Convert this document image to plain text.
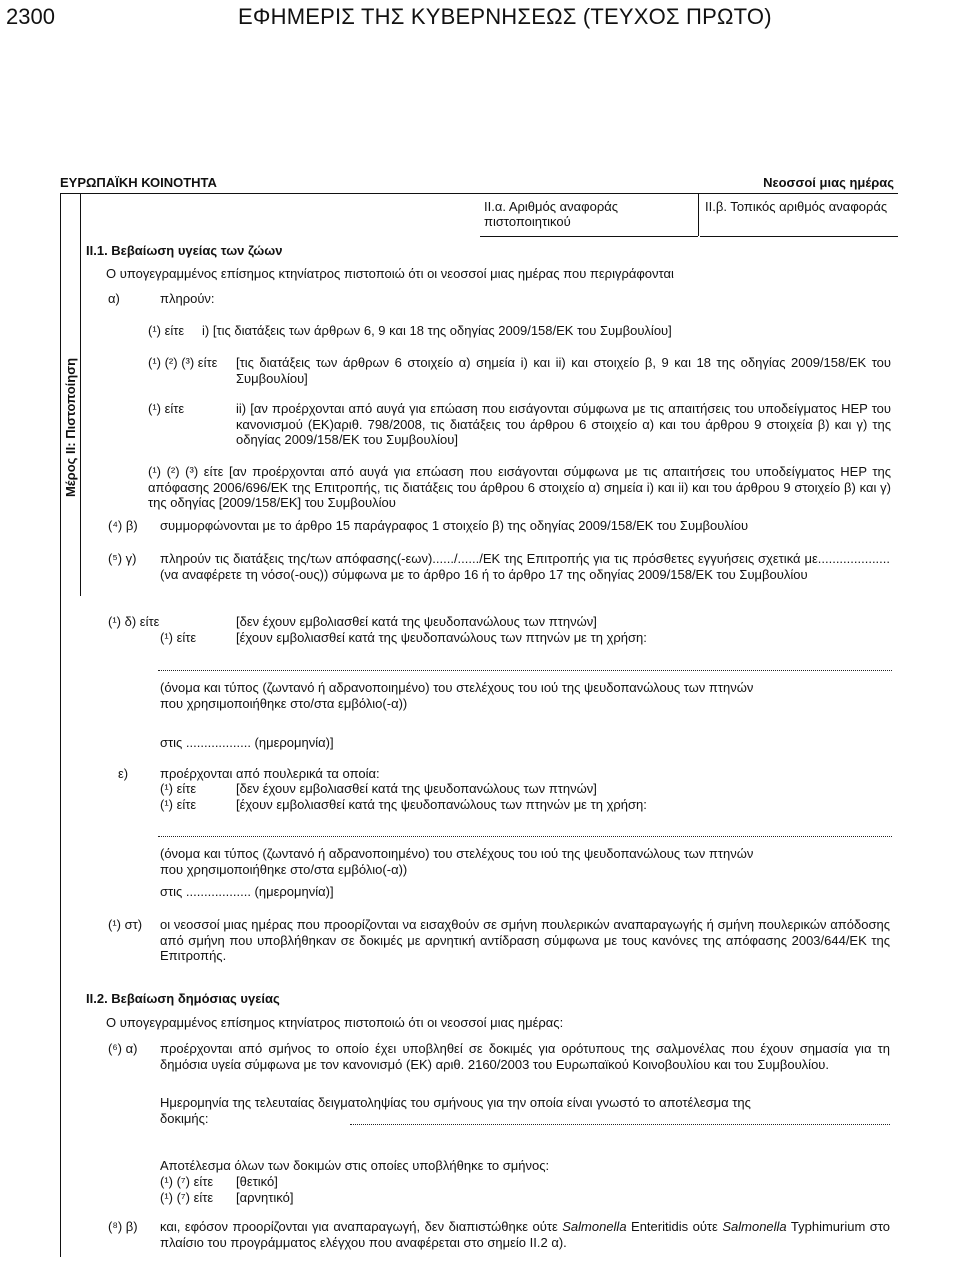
2300	ΕΦΗΜΕΡΙΣ ΤΗΣ ΚΥΒΕΡΝΗΣΕΩΣ (ΤΕΥΧΟΣ ΠΡΩΤΟ)
ΕΥΡΩΠΑΪΚΗ ΚΟΙΝΟΤΗΤΑ	Νεοσσοί μιας ημέρας
ΙΙ.α. Αριθμός αναφοράς πιστοποιητικού
ΙΙ.β. Τοπικός αριθμός αναφοράς
Μέρος ΙΙ: Πιστοποίηση
ΙΙ.1. Βεβαίωση υγείας των ζώων
Ο υπογεγραμμένος επίσημος κτηνίατρος πιστοποιώ ότι οι νεοσσοί μιας ημέρας που περιγράφονται
α)	πληρούν:
(¹) είτε i) [τις διατάξεις των άρθρων 6, 9 και 18 της οδηγίας 2009/158/ΕΚ του Συμβουλίου]
(¹) (²) (³) είτε [τις διατάξεις των άρθρων 6 στοιχείο α) σημεία i) και ii) και στοιχείο β, 9 και 18 της οδηγίας 2009/158/ΕΚ του Συμβουλίου]
(¹) είτε	ii) [αν προέρχονται από αυγά για επώαση που εισάγονται σύμφωνα με τις απαιτήσεις του υποδείγματος HEP του κανονισμού (ΕΚ)αριθ. 798/2008, τις διατάξεις του άρθρου 6 στοιχείο α) και του άρθρου 9 στοιχεία β) και γ) της οδηγίας 2009/158/ΕΚ του Συμβουλίου]
(¹) (²) (³) είτε [αν προέρχονται από αυγά για επώαση που εισάγονται σύμφωνα με τις απαιτήσεις του υποδείγματος HEP της απόφασης 2006/696/ΕΚ της Επιτροπής, τις διατάξεις του άρθρου 6 στοιχείο α) σημεία i) και ii) και του άρθρου 9 στοιχείο β) και γ) της οδηγίας [2009/158/ΕΚ] του Συμβουλίου
(⁴) β) συμμορφώνονται με το άρθρο 15 παράγραφος 1 στοιχείο β) της οδηγίας 2009/158/ΕΚ του Συμβουλίου
(⁵) γ) πληρούν τις διατάξεις της/των απόφασης(-εων)....../....../ΕΚ της Επιτροπής για τις πρόσθετες εγγυήσεις σχετικά με.................... (να αναφέρετε τη νόσο(-ους)) σύμφωνα με το άρθρο 16 ή το άρθρο 17 της οδηγίας 2009/158/ΕΚ του Συμβουλίου
(¹) δ) είτε	[δεν έχουν εμβολιασθεί κατά της ψευδοπανώλους των πτηνών]
(¹) είτε	[έχουν εμβολιασθεί κατά της ψευδοπανώλους των πτηνών με τη χρήση:
(όνομα και τύπος (ζωντανό ή αδρανοποιημένο) του στελέχους του ιού της ψευδοπανώλους των πτηνών που χρησιμοποιήθηκε στο/στα εμβόλιο(-α))
στις .................. (ημερομηνία)]
ε) προέρχονται από πουλερικά τα οποία:
(¹) είτε	[δεν έχουν εμβολιασθεί κατά της ψευδοπανώλους των πτηνών]
(¹) είτε	[έχουν εμβολιασθεί κατά της ψευδοπανώλους των πτηνών με τη χρήση:
(όνομα και τύπος (ζωντανό ή αδρανοποιημένο) του στελέχους του ιού της ψευδοπανώλους των πτηνών που χρησιμοποιήθηκε στο/στα εμβόλιο(-α))
στις .................. (ημερομηνία)]
(¹) στ) οι νεοσσοί μιας ημέρας που προορίζονται να εισαχθούν σε σμήνη πουλερικών αναπαραγωγής ή σμήνη πουλερικών απόδοσης από σμήνη που υποβλήθηκαν σε δοκιμές με αρνητική αντίδραση σύμφωνα με τους κανόνες της απόφασης 2003/644/ΕΚ της Επιτροπής.
ΙΙ.2. Βεβαίωση δημόσιας υγείας
Ο υπογεγραμμένος επίσημος κτηνίατρος πιστοποιώ ότι οι νεοσσοί μιας ημέρας:
(⁶) α) προέρχονται από σμήνος το οποίο έχει υποβληθεί σε δοκιμές για ορότυπους της σαλμονέλας που έχουν σημασία για τη δημόσια υγεία σύμφωνα με τον κανονισμό (ΕΚ) αριθ. 2160/2003 του Ευρωπαϊκού Κοινοβουλίου και του Συμβουλίου.
Ημερομηνία της τελευταίας δειγματοληψίας του σμήνους για την οποία είναι γνωστό το αποτέλεσμα της δοκιμής:
Αποτέλεσμα όλων των δοκιμών στις οποίες υποβλήθηκε το σμήνος:
(¹) (⁷) είτε [θετικό]
(¹) (⁷) είτε [αρνητικό]
(⁸) β) και, εφόσον προορίζονται για αναπαραγωγή, δεν διαπιστώθηκε ούτε Salmonella Enteritidis ούτε Salmonella Typhimurium στο πλαίσιο του προγράμματος ελέγχου που αναφέρεται στο σημείο ΙΙ.2 α).
